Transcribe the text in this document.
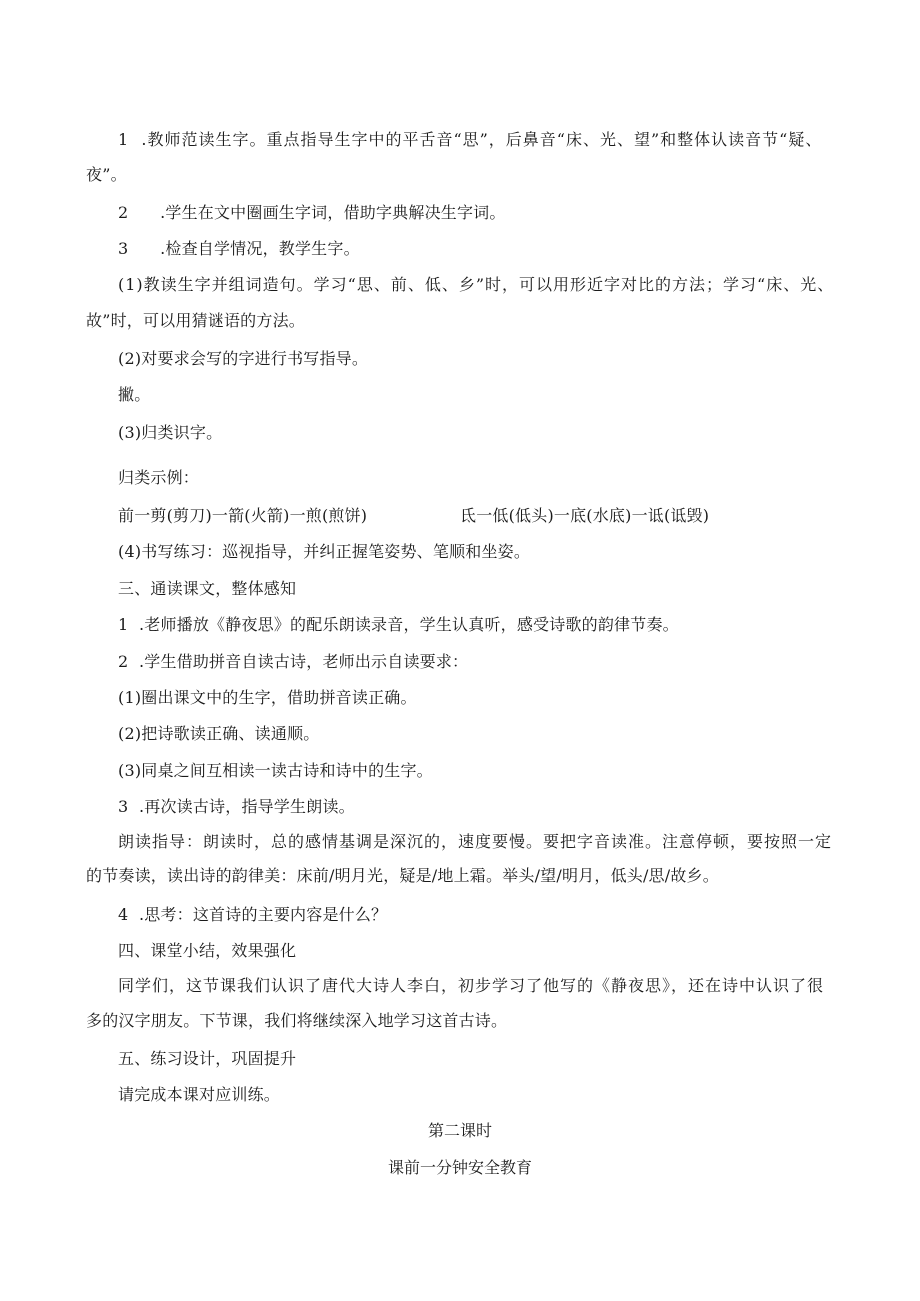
1  .教师范读生字。重点指导生字中的平舌音“思”，后鼻音“床、光、望”和整体认读音节“疑、
夜”。
2      .学生在文中圈画生字词，借助字典解决生字词。
3      .检查自学情况，教学生字。
(1)教读生字并组词造句。学习“思、前、低、乡”时，可以用形近字对比的方法；学习“床、光、
故”时，可以用猜谜语的方法。
(2)对要求会写的字进行书写指导。
撇。
(3)归类识字。
归类示例：
前一剪(剪刀)一箭(火箭)一煎(煎饼)	氐一低(低头)一底(水底)一诋(诋毁)
(4)书写练习：巡视指导，并纠正握笔姿势、笔顺和坐姿。
三、通读课文，整体感知
1  .老师播放《静夜思》的配乐朗读录音，学生认真听，感受诗歌的韵律节奏。
2  .学生借助拼音自读古诗，老师出示自读要求：
(1)圈出课文中的生字，借助拼音读正确。
(2)把诗歌读正确、读通顺。
(3)同桌之间互相读一读古诗和诗中的生字。
3  .再次读古诗，指导学生朗读。
朗读指导：朗读时，总的感情基调是深沉的，速度要慢。要把字音读准。注意停顿，要按照一定
的节奏读，读出诗的韵律美：床前/明月光，疑是/地上霜。举头/望/明月，低头/思/故乡。
4  .思考：这首诗的主要内容是什么？
四、课堂小结，效果强化
同学们，这节课我们认识了唐代大诗人李白，初步学习了他写的《静夜思》，还在诗中认识了很
多的汉字朋友。下节课，我们将继续深入地学习这首古诗。
五、练习设计，巩固提升
请完成本课对应训练。
第二课时
课前一分钟安全教育
